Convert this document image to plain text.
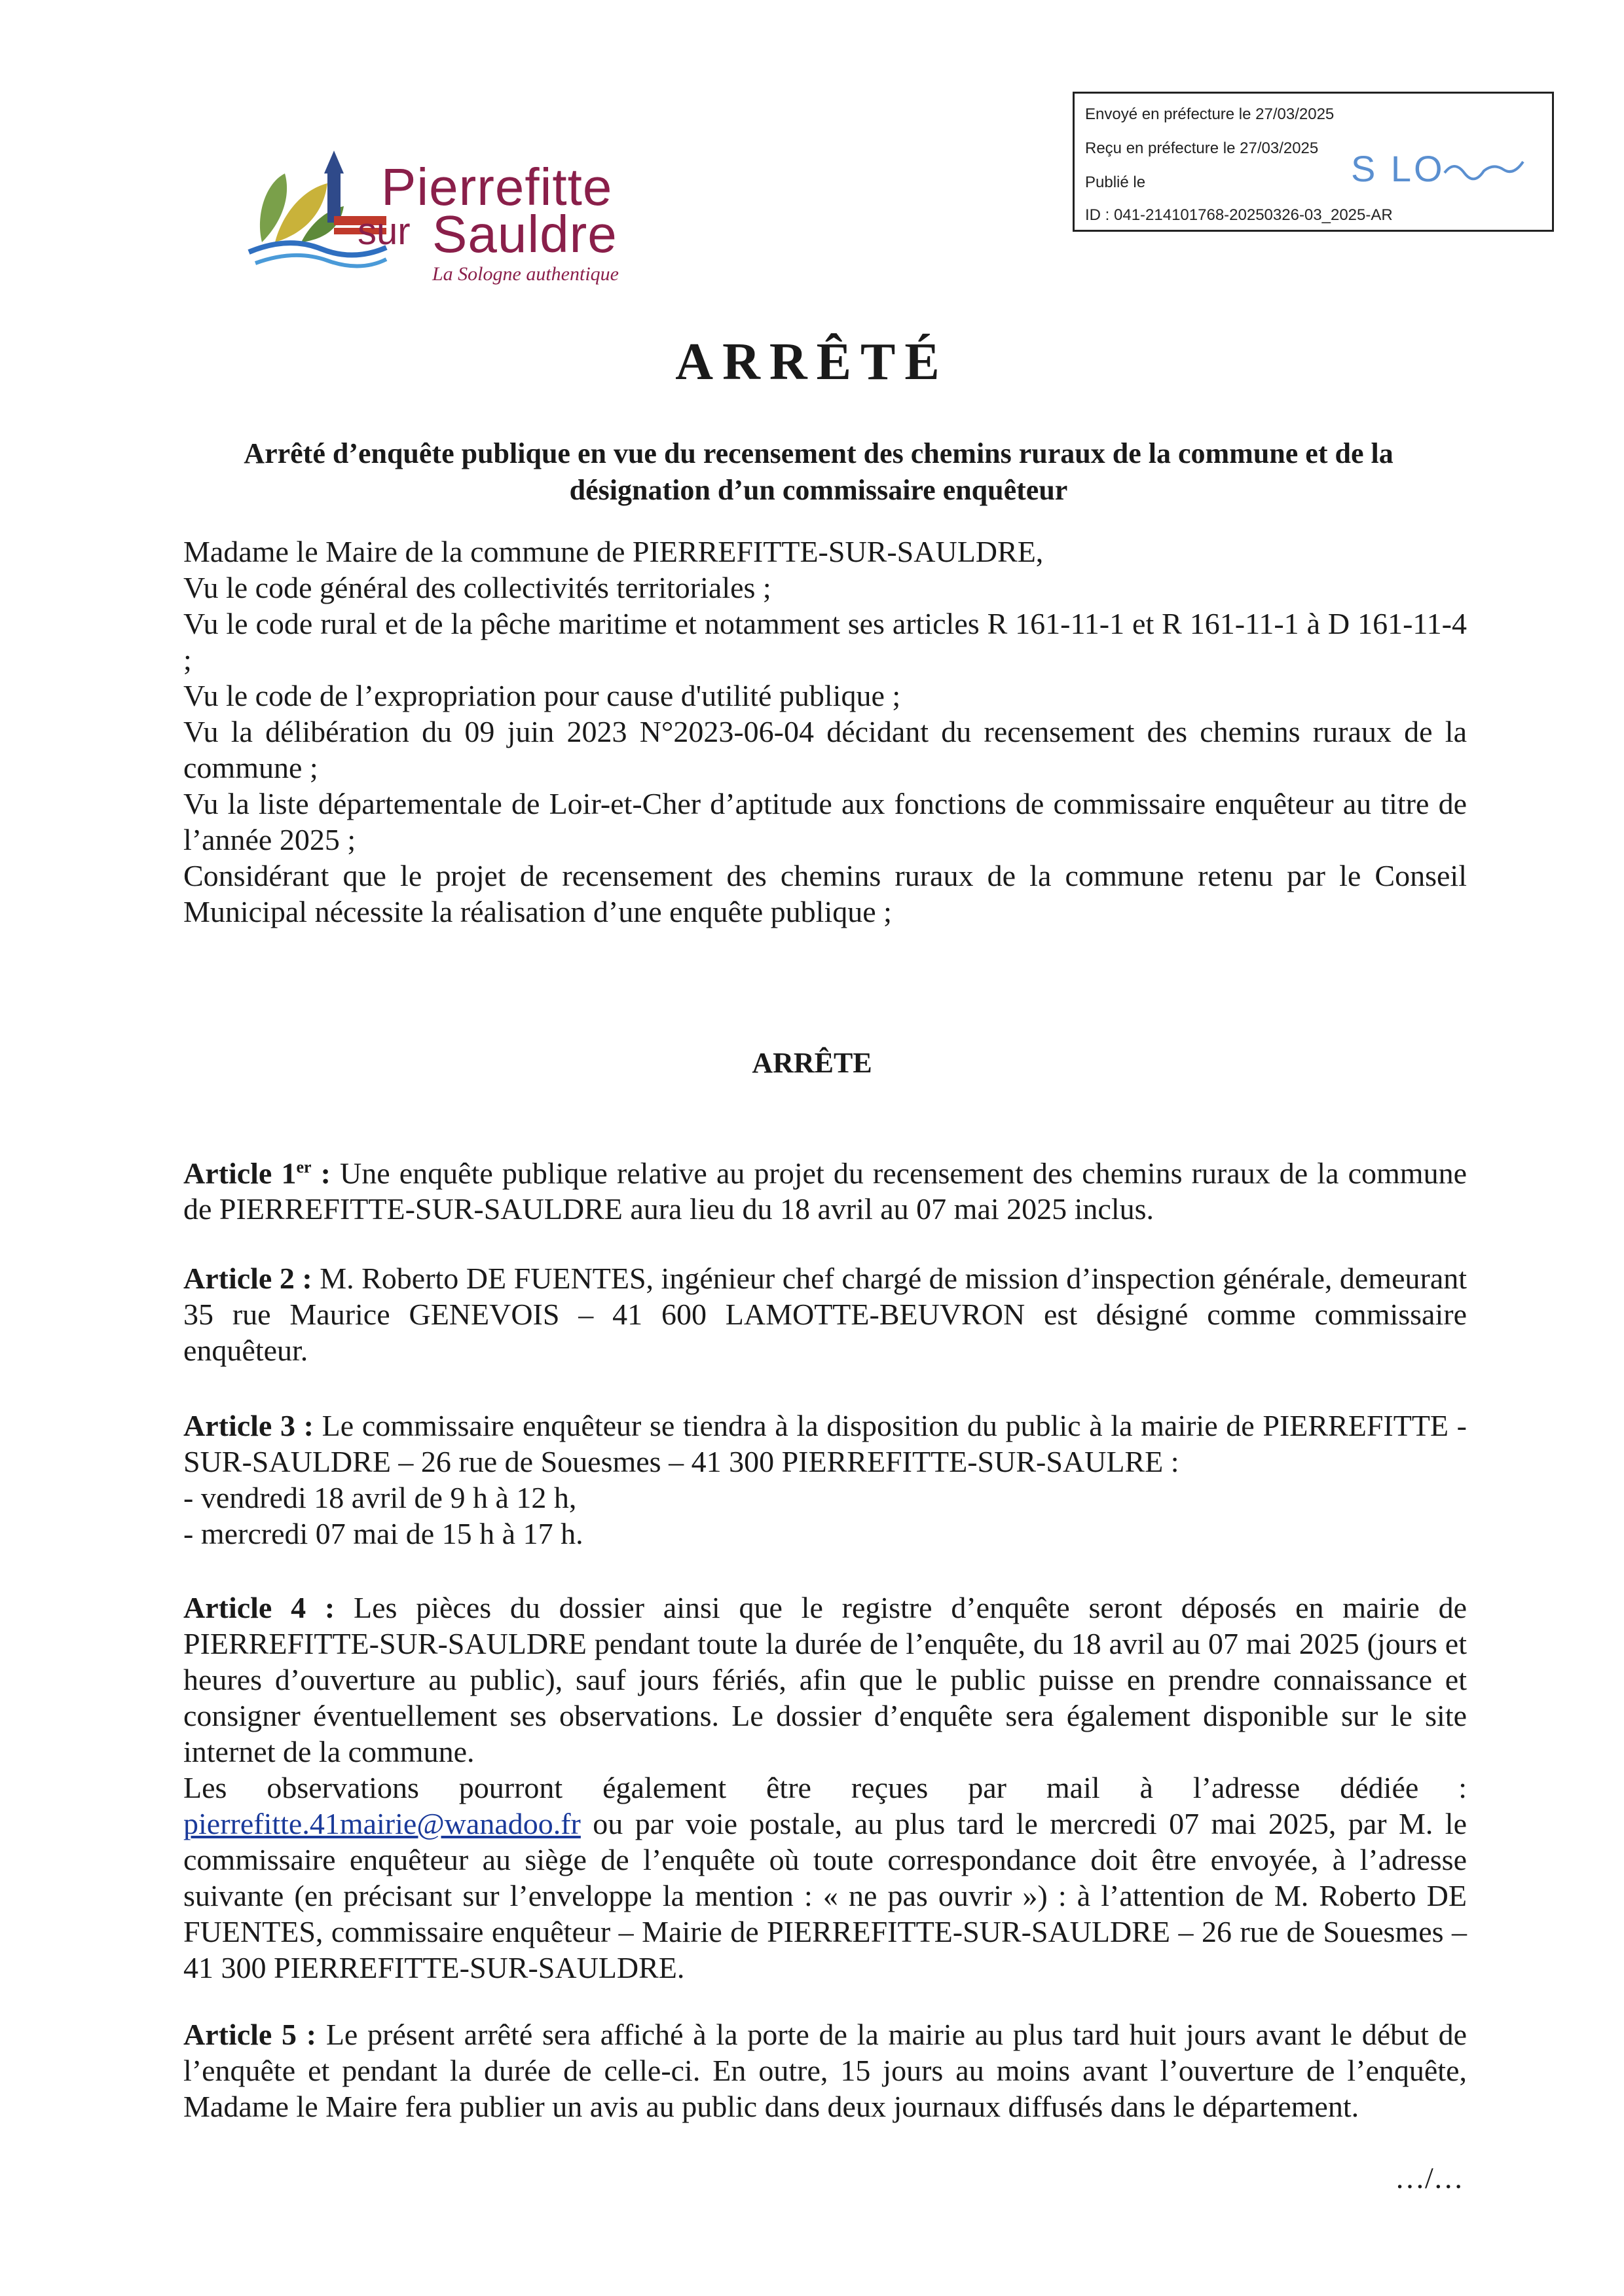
Pierrefitte
sur Sauldre
La Sologne authentique
Envoyé en préfecture le 27/03/2025
Reçu en préfecture le 27/03/2025
Publié le
ID : 041-214101768-20250326-03_2025-AR
S LO
ARRÊTÉ
Arrêté d’enquête publique en vue du recensement des chemins ruraux de la commune et de la désignation d’un commissaire enquêteur
Madame le Maire de la commune de PIERREFITTE-SUR-SAULDRE,
Vu le code général des collectivités territoriales ;
Vu le code rural et de la pêche maritime et notamment ses articles R 161-11-1 et R 161-11-1 à D 161-11-4 ;
Vu le code de l’expropriation pour cause d'utilité publique ;
Vu la délibération du 09 juin 2023 N°2023-06-04 décidant du recensement des chemins ruraux de la commune ;
Vu la liste départementale de Loir-et-Cher d’aptitude aux fonctions de commissaire enquêteur au titre de l’année 2025 ;
Considérant que le projet de recensement des chemins ruraux de la commune retenu par le Conseil Municipal nécessite la réalisation d’une enquête publique ;
ARRÊTE
Article 1er : Une enquête publique relative au projet du recensement des chemins ruraux de la commune de PIERREFITTE-SUR-SAULDRE aura lieu du 18 avril au 07 mai 2025 inclus.
Article 2 : M. Roberto DE FUENTES, ingénieur chef chargé de mission d’inspection générale, demeurant 35 rue Maurice GENEVOIS – 41 600 LAMOTTE-BEUVRON est désigné comme commissaire enquêteur.
Article 3 : Le commissaire enquêteur se tiendra à la disposition du public à la mairie de PIERREFITTE -SUR-SAULDRE – 26 rue de Souesmes – 41 300 PIERREFITTE-SUR-SAULRE :
- vendredi 18 avril de 9 h à 12 h,
- mercredi 07 mai de 15 h à 17 h.
Article 4 : Les pièces du dossier ainsi que le registre d’enquête seront déposés en mairie de PIERREFITTE-SUR-SAULDRE pendant toute la durée de l’enquête, du 18 avril au 07 mai 2025 (jours et heures d’ouverture au public), sauf jours fériés, afin que le public puisse en prendre connaissance et consigner éventuellement ses observations. Le dossier d’enquête sera également disponible sur le site internet de la commune.
Les observations pourront également être reçues par mail à l’adresse dédiée : pierrefitte.41mairie@wanadoo.fr ou par voie postale, au plus tard le mercredi 07 mai 2025, par M. le commissaire enquêteur au siège de l’enquête où toute correspondance doit être envoyée, à l’adresse suivante (en précisant sur l’enveloppe la mention : « ne pas ouvrir ») : à l’attention de M. Roberto DE FUENTES, commissaire enquêteur – Mairie de PIERREFITTE-SUR-SAULDRE – 26 rue de Souesmes – 41 300 PIERREFITTE-SUR-SAULDRE.
Article 5 : Le présent arrêté sera affiché à la porte de la mairie au plus tard huit jours avant le début de l’enquête et pendant la durée de celle-ci. En outre, 15 jours au moins avant l’ouverture de l’enquête, Madame le Maire fera publier un avis au public dans deux journaux diffusés dans le département.
…/…
